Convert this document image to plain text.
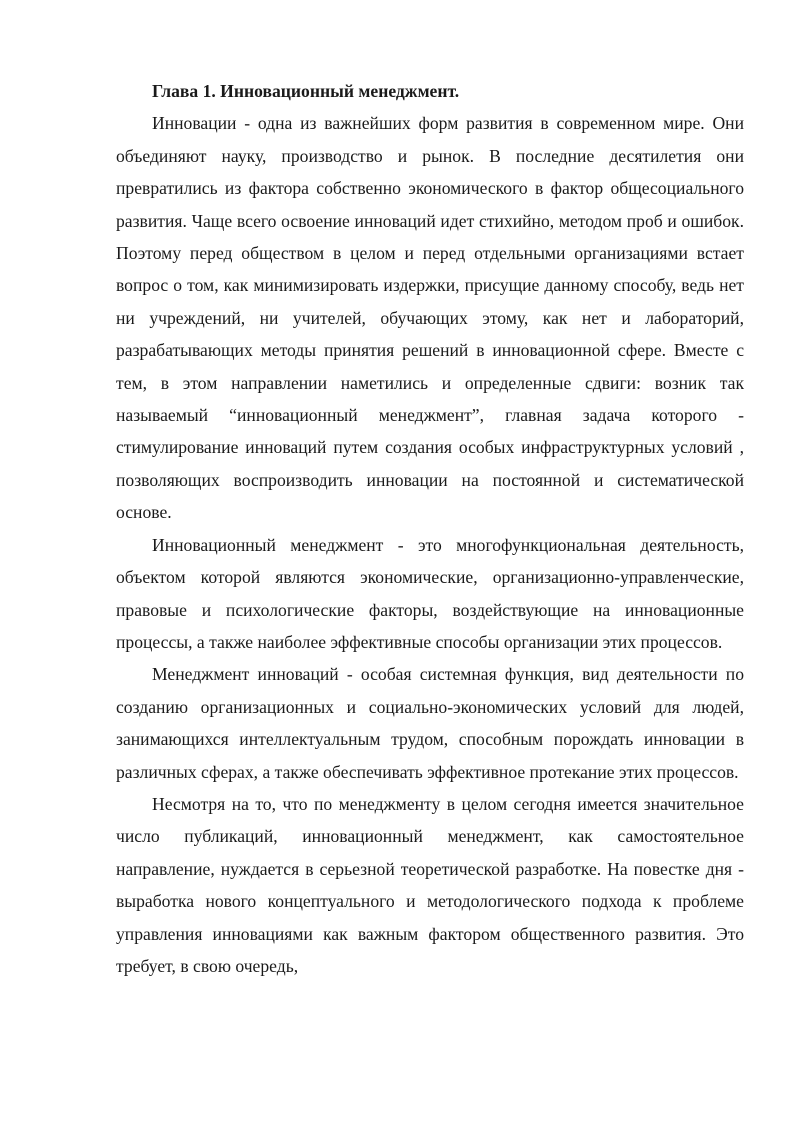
Глава 1. Инновационный менеджмент.

Инновации - одна из важнейших форм развития в современном мире. Они объединяют науку, производство и рынок. В последние десятилетия они превратились из фактора собственно экономического в фактор общесоциального развития. Чаще всего освоение инноваций идет стихийно, методом проб и ошибок. Поэтому перед обществом в целом и перед отдельными организациями встает вопрос о том, как минимизировать издержки, присущие данному способу, ведь нет ни учреждений, ни учителей, обучающих этому, как нет и лабораторий, разрабатывающих методы принятия решений в инновационной сфере. Вместе с тем, в этом направлении наметились и определенные сдвиги: возник так называемый “инновационный менеджмент”, главная задача которого - стимулирование инноваций путем создания особых инфраструктурных условий , позволяющих воспроизводить инновации на постоянной и систематической основе.

Инновационный менеджмент - это многофункциональная деятельность, объектом которой являются экономические, организационно-управленческие, правовые и психологические факторы, воздействующие на инновационные процессы, а также наиболее эффективные способы организации этих процессов.

Менеджмент инноваций - особая системная функция, вид деятельности по созданию организационных и социально-экономических условий для людей, занимающихся интеллектуальным трудом, способным порождать инновации в различных сферах, а также обеспечивать эффективное протекание этих процессов.

Несмотря на то, что по менеджменту в целом сегодня имеется значительное число публикаций, инновационный менеджмент, как самостоятельное направление, нуждается в серьезной теоретической разработке. На повестке дня - выработка нового концептуального и методологического подхода к проблеме управления инновациями как важным фактором общественного развития. Это требует, в свою очередь,
